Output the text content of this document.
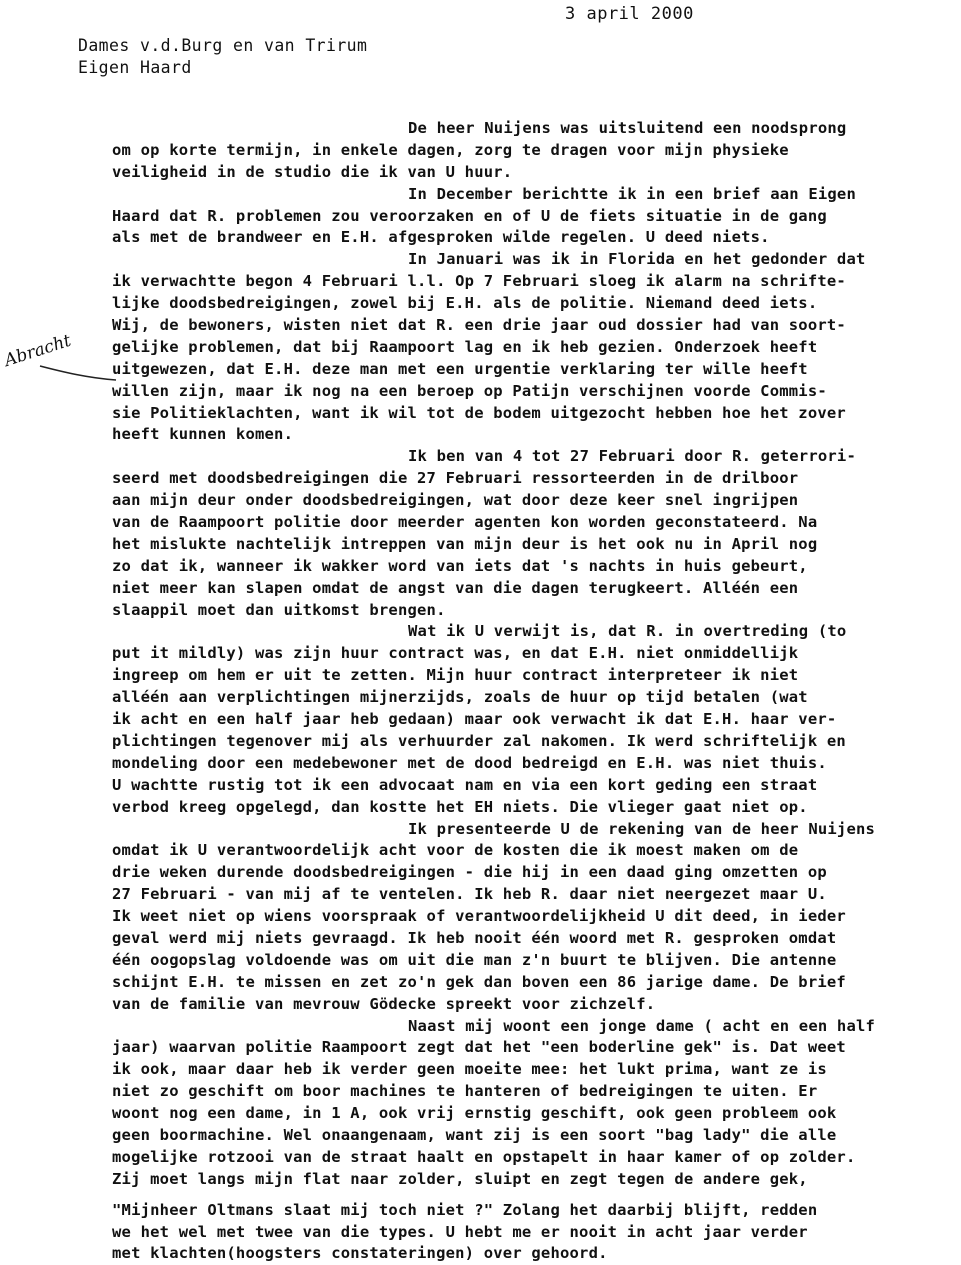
3 april 2000
Dames v.d.Burg en van Trirum
Eigen Haard
Abracht
De heer Nuijens was uitsluitend een noodsprong
om op korte termijn, in enkele dagen, zorg te dragen voor mijn physieke
veiligheid in de studio die ik van U huur.
In December berichtte ik in een brief aan Eigen
Haard dat R. problemen zou veroorzaken en of U de fiets situatie in de gang
als met de brandweer en E.H. afgesproken wilde regelen. U deed niets.
In Januari was ik in Florida en het gedonder dat
ik verwachtte begon 4 Februari l.l. Op 7 Februari sloeg ik alarm na schrifte-
lijke doodsbedreigingen, zowel bij E.H. als de politie. Niemand deed iets.
Wij, de bewoners, wisten niet dat R. een drie jaar oud dossier had van soort-
gelijke problemen, dat bij Raampoort lag en ik heb gezien. Onderzoek heeft
uitgewezen, dat E.H. deze man met een urgentie verklaring ter wille heeft
willen zijn, maar ik nog na een beroep op Patijn verschijnen voorde Commis-
sie Politieklachten, want ik wil tot de bodem uitgezocht hebben hoe het zover
heeft kunnen komen.
Ik ben van 4 tot 27 Februari door R. geterrori-
seerd met doodsbedreigingen die 27 Februari ressorteerden in de drilboor
aan mijn deur onder doodsbedreigingen, wat door deze keer snel ingrijpen
van de Raampoort politie door meerder agenten kon worden geconstateerd. Na
het mislukte nachtelijk intreppen van mijn deur is het ook nu in April nog
zo dat ik, wanneer ik wakker word van iets dat 's nachts in huis gebeurt,
niet meer kan slapen omdat de angst van die dagen terugkeert. Alléén een
slaappil moet dan uitkomst brengen.
Wat ik U verwijt is, dat R. in overtreding (to
put it mildly) was zijn huur contract was, en dat E.H. niet onmiddellijk
ingreep om hem er uit te zetten. Mijn huur contract interpreteer ik niet
alléén aan verplichtingen mijnerzijds, zoals de huur op tijd betalen (wat
ik acht en een half jaar heb gedaan) maar ook verwacht ik dat E.H. haar ver-
plichtingen tegenover mij als verhuurder zal nakomen. Ik werd schriftelijk en
mondeling door een medebewoner met de dood bedreigd en E.H. was niet thuis.
U wachtte rustig tot ik een advocaat nam en via een kort geding een straat
verbod kreeg opgelegd, dan kostte het EH niets. Die vlieger gaat niet op.
Ik presenteerde U de rekening van de heer Nuijens
omdat ik U verantwoordelijk acht voor de kosten die ik moest maken om de
drie weken durende doodsbedreigingen - die hij in een daad ging omzetten op
27 Februari - van mij af te ventelen. Ik heb R. daar niet neergezet maar U.
Ik weet niet op wiens voorspraak of verantwoordelijkheid U dit deed, in ieder
geval werd mij niets gevraagd. Ik heb nooit één woord met R. gesproken omdat
één oogopslag voldoende was om uit die man z'n buurt te blijven. Die antenne
schijnt E.H. te missen en zet zo'n gek dan boven een 86 jarige dame. De brief
van de familie van mevrouw Gödecke spreekt voor zichzelf.
Naast mij woont een jonge dame ( acht en een half
jaar) waarvan politie Raampoort zegt dat het "een boderline gek" is. Dat weet
ik ook, maar daar heb ik verder geen moeite mee: het lukt prima, want ze is
niet zo geschift om boor machines te hanteren of bedreigingen te uiten. Er
woont nog een dame, in 1 A, ook vrij ernstig geschift, ook geen probleem ook
geen boormachine. Wel onaangenaam, want zij is een soort "bag lady" die alle
mogelijke rotzooi van de straat haalt en opstapelt in haar kamer of op zolder.
Zij moet langs mijn flat naar zolder, sluipt en zegt tegen de andere gek,
"Mijnheer Oltmans slaat mij toch niet ?" Zolang het daarbij blijft, redden
we het wel met twee van die types. U hebt me er nooit in acht jaar verder
met klachten(hoogsters constateringen) over gehoord.
